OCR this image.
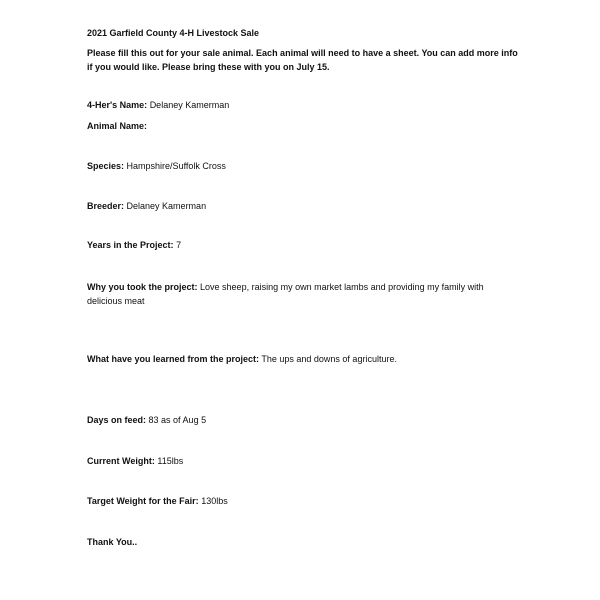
2021 Garfield County 4-H Livestock Sale
Please fill this out for your sale animal. Each animal will need to have a sheet. You can add more info
if you would like. Please bring these with you on July 15.
4-Her's Name: Delaney Kamerman
Animal Name:
Species: Hampshire/Suffolk Cross
Breeder: Delaney Kamerman
Years in the Project: 7
Why you took the project: Love sheep, raising my own market lambs and providing my family with
delicious meat
What have you learned from the project: The ups and downs of agriculture.
Days on feed: 83 as of Aug 5
Current Weight: 115lbs
Target Weight for the Fair: 130lbs
Thank You..
